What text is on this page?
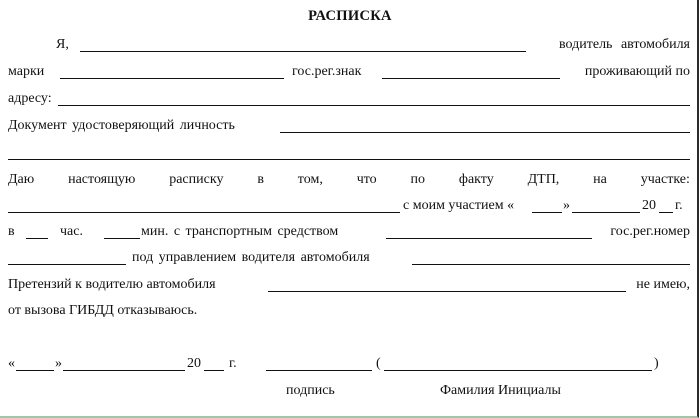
РАСПИСКА
Я,	водитель автомобиля
марки	гос.рег.знак	проживающий по
адресу:
Документ удостоверяющий личность
Даю настоящую расписку в том, что по факту ДТП, на участке:
с моим участием «	»	20 г.
в	час.	мин. с транспортным средством	гос.рег.номер
под управлением водителя автомобиля
Претензий к водителю автомобиля	не имею,
от вызова ГИБДД отказываюсь.
«	»	20 г.	(	)
подпись	Фамилия Инициалы
